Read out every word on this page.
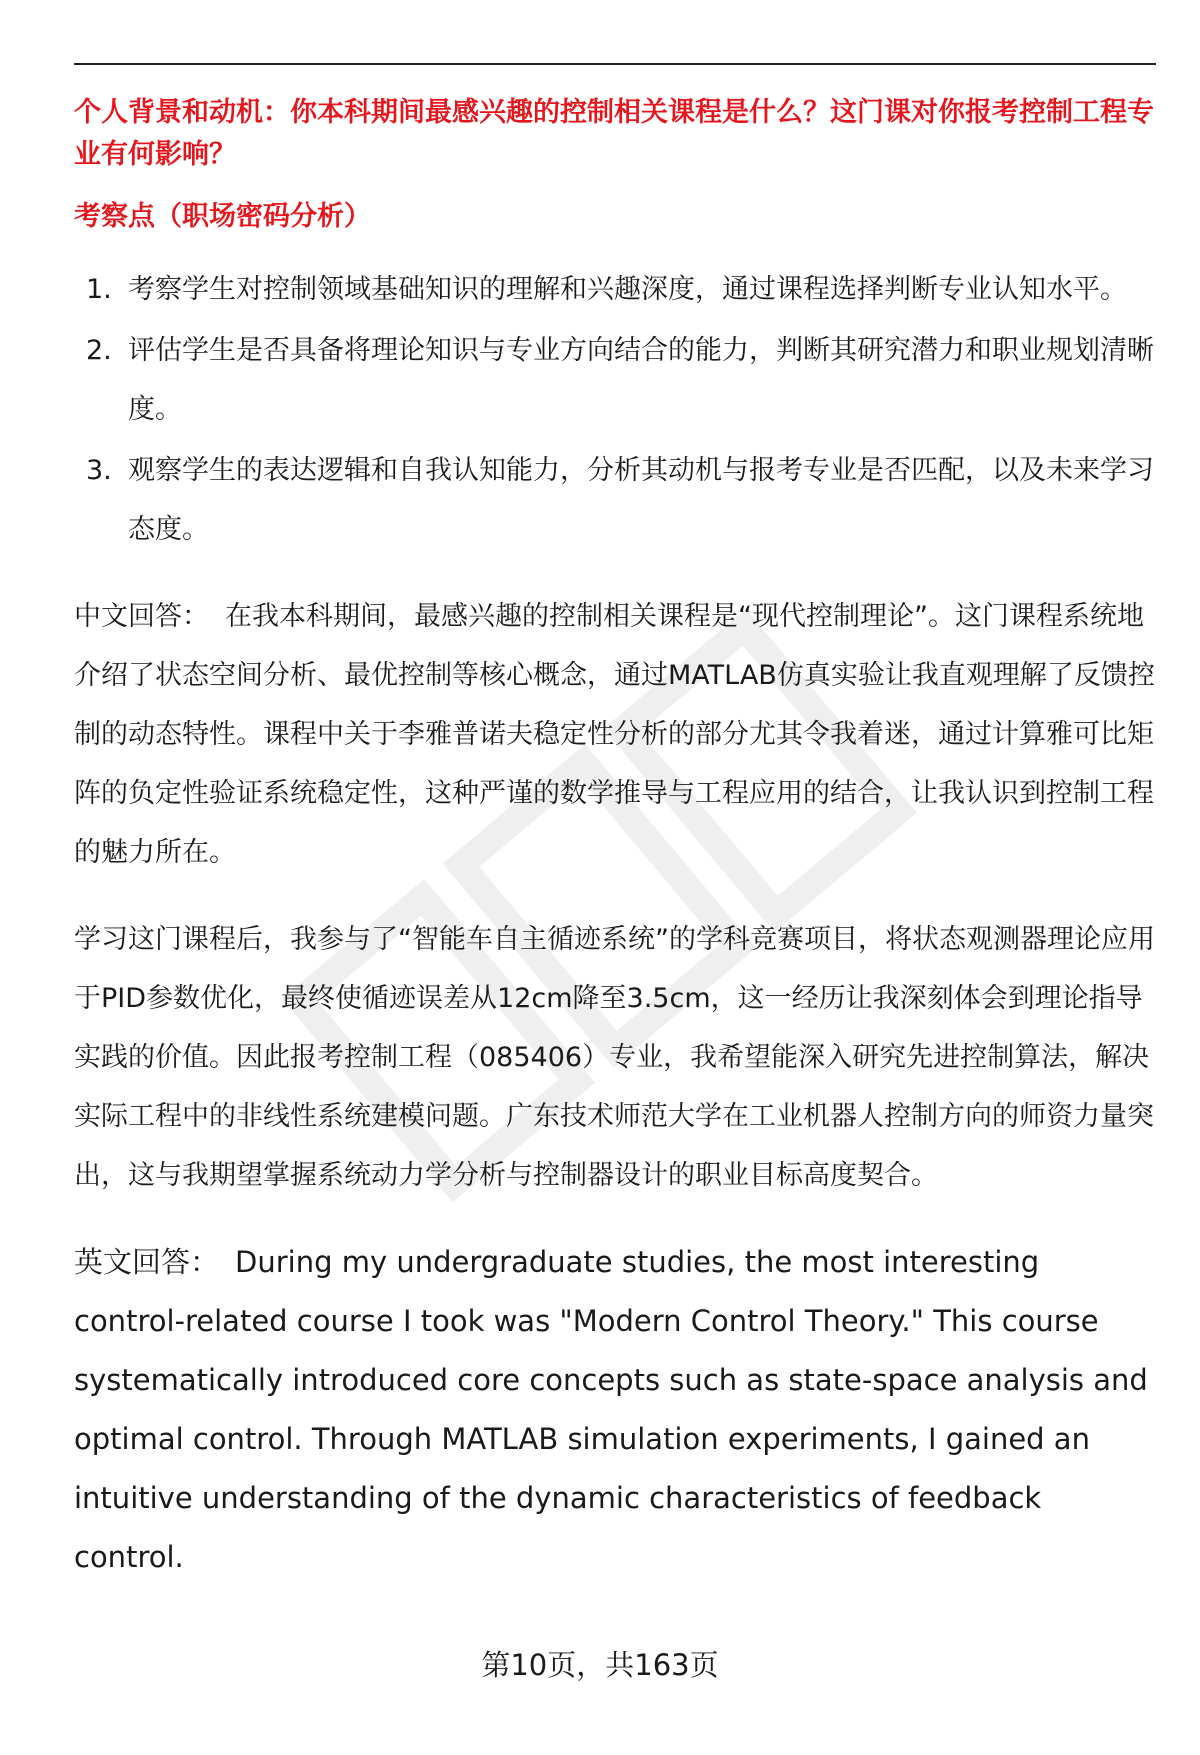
个人背景和动机：你本科期间最感兴趣的控制相关课程是什么？这门课对你报考控制工程专业有何影响？

考察点（职场密码分析）

1. 考察学生对控制领域基础知识的理解和兴趣深度，通过课程选择判断专业认知水平。
2. 评估学生是否具备将理论知识与专业方向结合的能力，判断其研究潜力和职业规划清晰度。
3. 观察学生的表达逻辑和自我认知能力，分析其动机与报考专业是否匹配，以及未来学习态度。

中文回答： 在我本科期间，最感兴趣的控制相关课程是“现代控制理论”。这门课程系统地介绍了状态空间分析、最优控制等核心概念，通过MATLAB仿真实验让我直观理解了反馈控制的动态特性。课程中关于李雅普诺夫稳定性分析的部分尤其令我着迷，通过计算雅可比矩阵的负定性验证系统稳定性，这种严谨的数学推导与工程应用的结合，让我认识到控制工程的魅力所在。

学习这门课程后，我参与了“智能车自主循迹系统”的学科竞赛项目，将状态观测器理论应用于PID参数优化，最终使循迹误差从12cm降至3.5cm，这一经历让我深刻体会到理论指导实践的价值。因此报考控制工程（085406）专业，我希望能深入研究先进控制算法，解决实际工程中的非线性系统建模问题。广东技术师范大学在工业机器人控制方向的师资力量突出，这与我期望掌握系统动力学分析与控制器设计的职业目标高度契合。

英文回答： During my undergraduate studies, the most interesting control-related course I took was "Modern Control Theory." This course systematically introduced core concepts such as state-space analysis and optimal control. Through MATLAB simulation experiments, I gained an intuitive understanding of the dynamic characteristics of feedback control.

第10页，共163页
